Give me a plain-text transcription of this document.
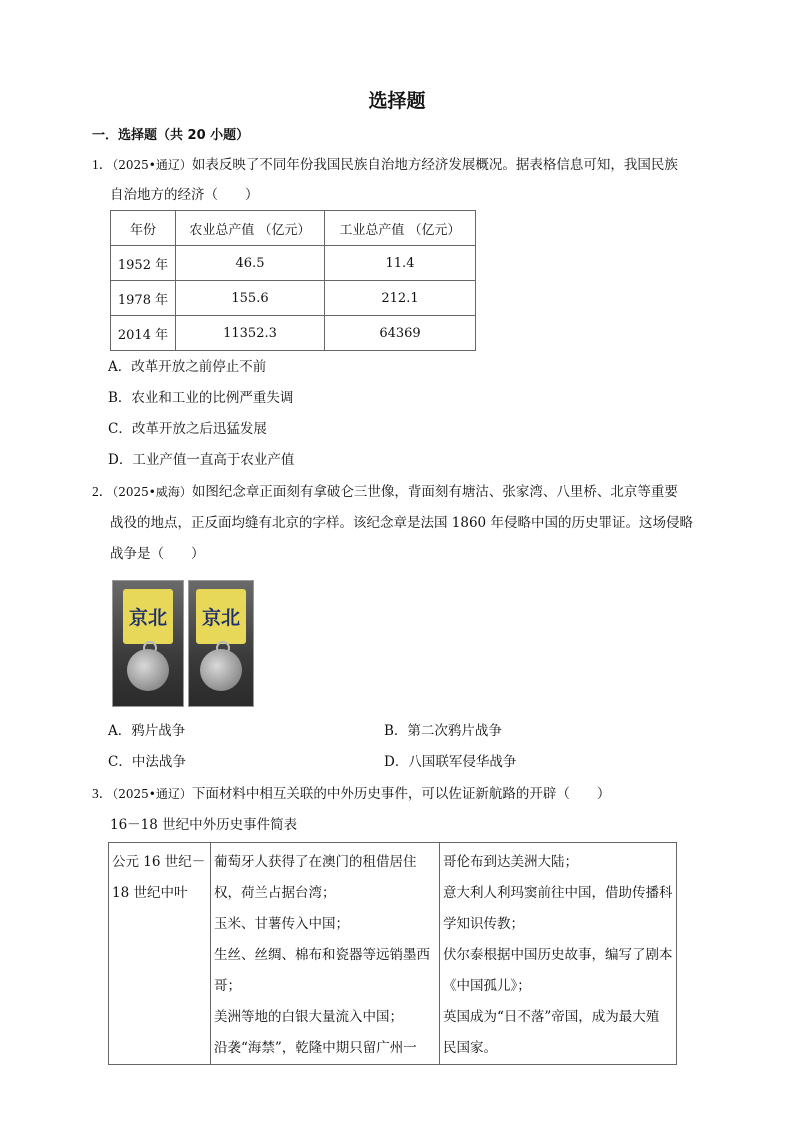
选择题
一．选择题（共 20 小题）
1．（2025•通辽）如表反映了不同年份我国民族自治地方经济发展概况。据表格信息可知，我国民族
自治地方的经济（　　）
年份	农业总产值 （亿元）	工业总产值 （亿元）
1952 年	46.5	11.4
1978 年	155.6	212.1
2014 年	11352.3	64369
A．改革开放之前停止不前
B．农业和工业的比例严重失调
C．改革开放之后迅猛发展
D．工业产值一直高于农业产值
2．（2025•威海）如图纪念章正面刻有拿破仑三世像，背面刻有塘沽、张家湾、八里桥、北京等重要
战役的地点，正反面均缝有北京的字样。该纪念章是法国 1860 年侵略中国的历史罪证。这场侵略
战争是（　　）
京北	京北
A．鸦片战争	B．第二次鸦片战争
C．中法战争	D．八国联军侵华战争
3．（2025•通辽）下面材料中相互关联的中外历史事件，可以佐证新航路的开辟（　　）
16－18 世纪中外历史事件简表
公元 16 世纪－
18 世纪中叶

葡萄牙人获得了在澳门的租借居住
权，荷兰占据台湾；
玉米、甘薯传入中国；
生丝、丝绸、棉布和瓷器等远销墨西
哥；
美洲等地的白银大量流入中国；
沿袭“海禁”，乾隆中期只留广州一

哥伦布到达美洲大陆；
意大利人利玛窦前往中国，借助传播科
学知识传教；
伏尔泰根据中国历史故事，编写了剧本
《中国孤儿》；
英国成为“日不落”帝国，成为最大殖
民国家。
